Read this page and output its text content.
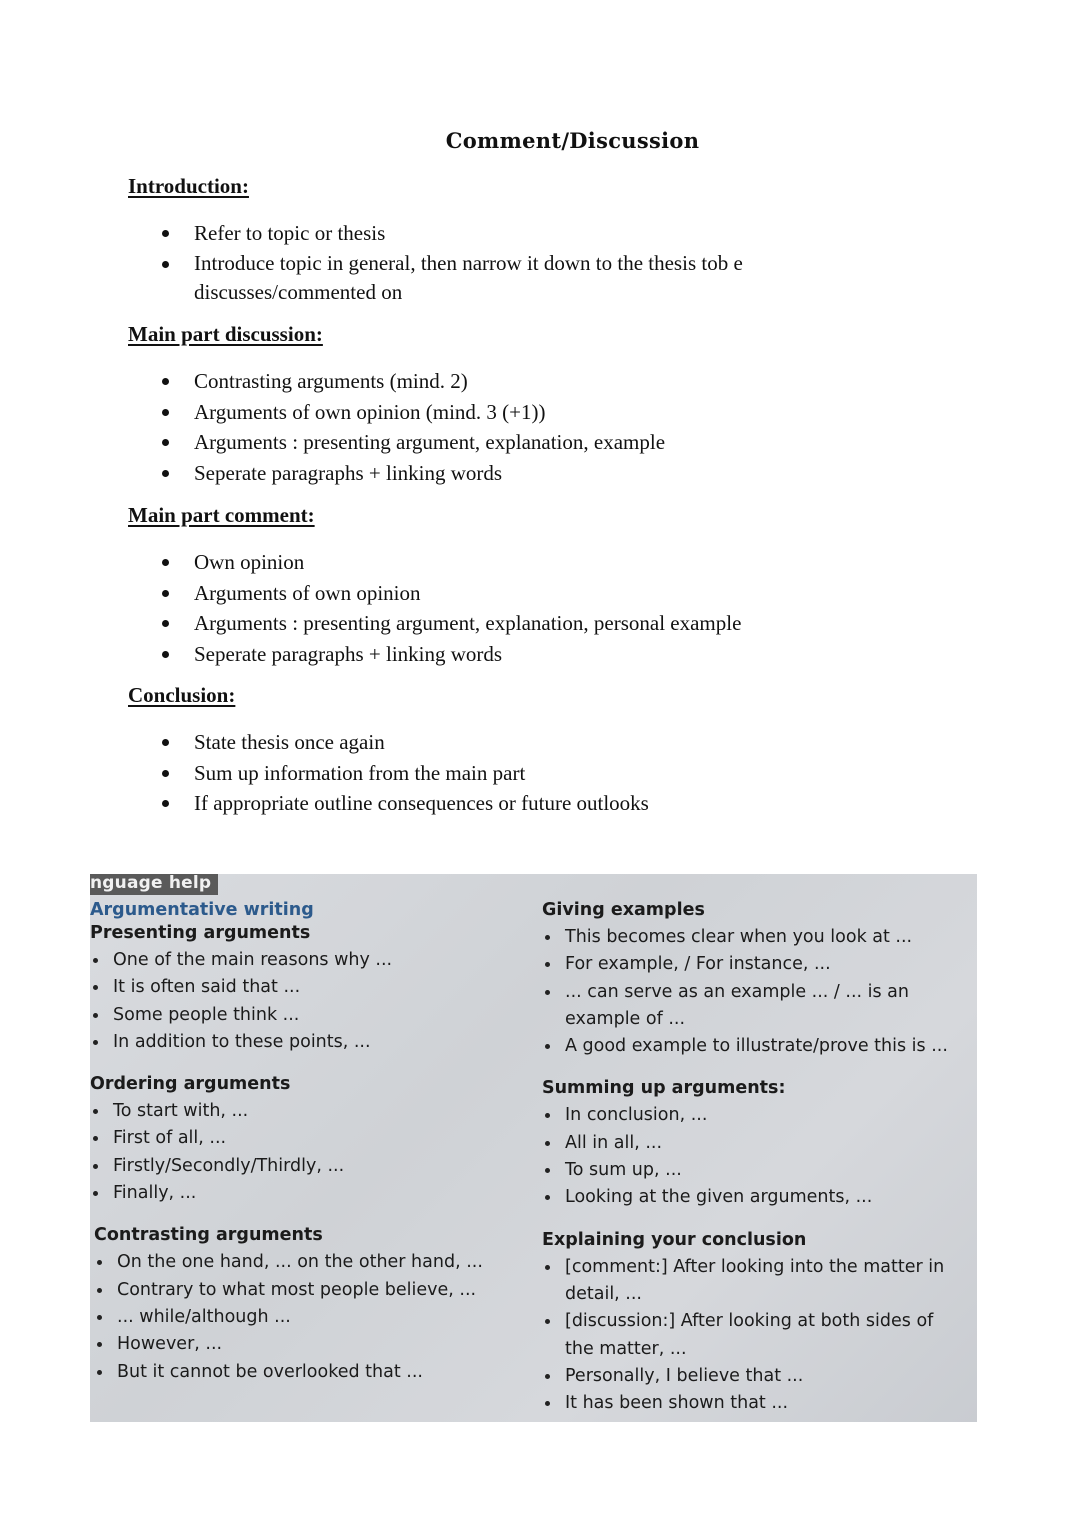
Comment/Discussion

Introduction:

Refer to topic or thesis
Introduce topic in general, then narrow it down to the thesis tob e discusses/commented on

Main part discussion:

Contrasting arguments (mind. 2)
Arguments of own opinion (mind. 3 (+1))
Arguments : presenting argument, explanation, example
Seperate paragraphs + linking words

Main part comment:

Own opinion
Arguments of own opinion
Arguments : presenting argument, explanation, personal example
Seperate paragraphs + linking words

Conclusion:

State thesis once again
Sum up information from the main part
If appropriate outline consequences or future outlooks
nguage help
Argumentative writing

Presenting arguments

One of the main reasons why ...
It is often said that ...
Some people think ...
In addition to these points, ...

Ordering arguments

To start with, ...
First of all, ...
Firstly/Secondly/Thirdly, ...
Finally, ...

Contrasting arguments

On the one hand, ... on the other hand, ...
Contrary to what most people believe, ...
... while/although ...
However, ...
But it cannot be overlooked that ...

Giving examples

This becomes clear when you look at ...
For example, / For instance, ...
... can serve as an example ... / ... is an example of ...
A good example to illustrate/prove this is ...

Summing up arguments:

In conclusion, ...
All in all, ...
To sum up, ...
Looking at the given arguments, ...

Explaining your conclusion

[comment:] After looking into the matter in detail, ...
[discussion:] After looking at both sides of the matter, ...
Personally, I believe that ...
It has been shown that ...
